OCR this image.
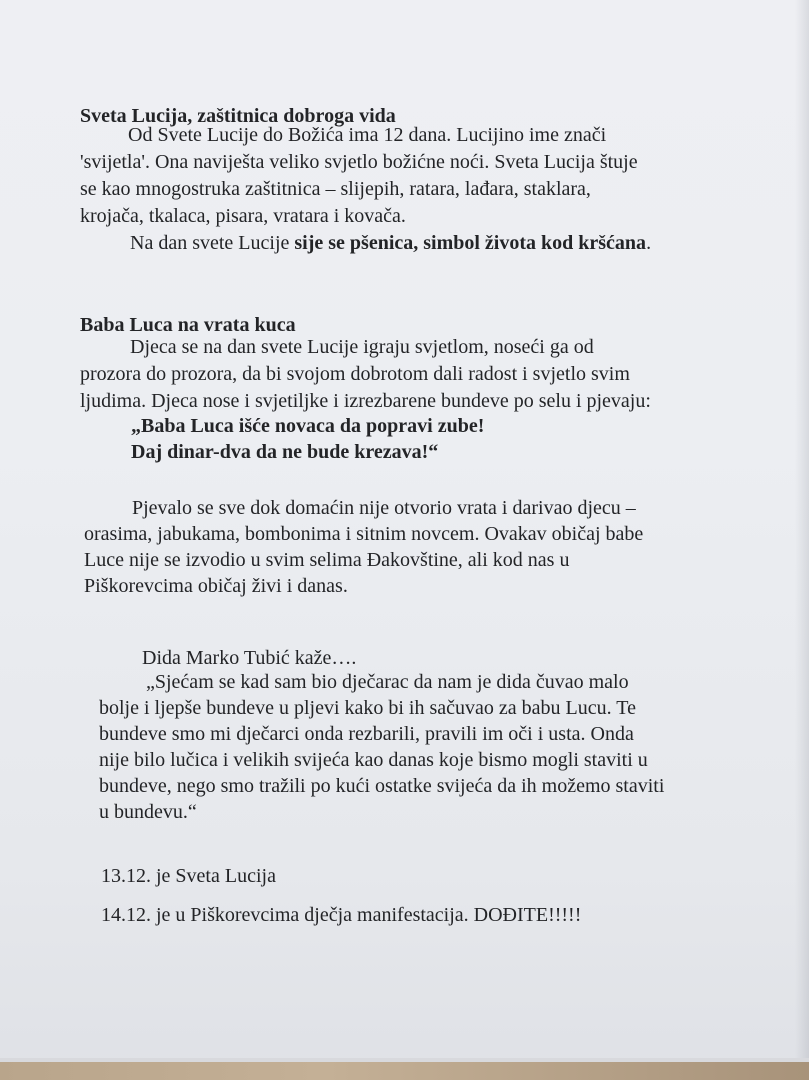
Sveta Lucija, zaštitnica dobroga vida
Od Svete Lucije do Božića ima 12 dana. Lucijino ime znači
'svijetla'. Ona naviješta veliko svjetlo božićne noći. Sveta Lucija štuje
se kao mnogostruka zaštitnica – slijepih, ratara, lađara, staklara,
krojača, tkalaca, pisara, vratara i kovača.
Na dan svete Lucije sije se pšenica, simbol života kod kršćana.
Baba Luca na vrata kuca
Djeca se na dan svete Lucije igraju svjetlom, noseći ga od
prozora do prozora, da bi svojom dobrotom dali radost i svjetlo svim
ljudima. Djeca nose i svjetiljke i izrezbarene bundeve po selu i pjevaju:
„Baba Luca išće novaca da popravi zube!
Daj dinar-dva da ne bude krezava!“
Pjevalo se sve dok domaćin nije otvorio vrata i darivao djecu –
orasima, jabukama, bombonima i sitnim novcem. Ovakav običaj babe
Luce nije se izvodio u svim selima Đakovštine, ali kod nas u
Piškorevcima običaj živi i danas.
Dida Marko Tubić kaže….
„Sjećam se kad sam bio dječarac da nam je dida čuvao malo
bolje i ljepše bundeve u pljevi kako bi ih sačuvao za babu Lucu. Te
bundeve smo mi dječarci onda rezbarili, pravili im oči i usta. Onda
nije bilo lučica i velikih svijeća kao danas koje bismo mogli staviti u
bundeve, nego smo tražili po kući ostatke svijeća da ih možemo staviti
u bundevu.“
13.12. je Sveta Lucija
14.12. je u Piškorevcima dječja manifestacija. DOĐITE!!!!!
